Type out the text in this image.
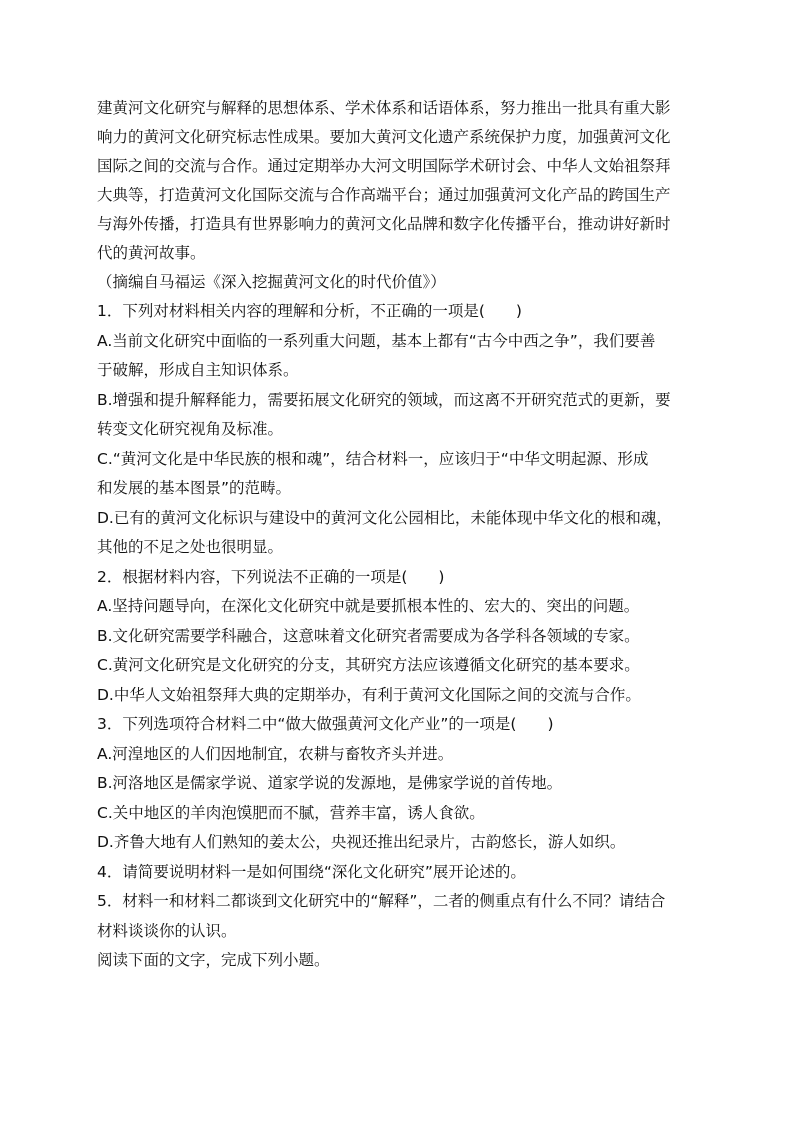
建黄河文化研究与解释的思想体系、学术体系和话语体系，努力推出一批具有重大影

响力的黄河文化研究标志性成果。要加大黄河文化遗产系统保护力度，加强黄河文化

国际之间的交流与合作。通过定期举办大河文明国际学术研讨会、中华人文始祖祭拜

大典等，打造黄河文化国际交流与合作高端平台；通过加强黄河文化产品的跨国生产

与海外传播，打造具有世界影响力的黄河文化品牌和数字化传播平台，推动讲好新时

代的黄河故事。

（摘编自马福运《深入挖掘黄河文化的时代价值》）

1．下列对材料相关内容的理解和分析，不正确的一项是(　　)

A.当前文化研究中面临的一系列重大问题，基本上都有“古今中西之争”，我们要善

于破解，形成自主知识体系。

B.增强和提升解释能力，需要拓展文化研究的领域，而这离不开研究范式的更新，要

转变文化研究视角及标准。

C.“黄河文化是中华民族的根和魂”，结合材料一，应该归于“中华文明起源、形成

和发展的基本图景”的范畴。

D.已有的黄河文化标识与建设中的黄河文化公园相比，未能体现中华文化的根和魂，

其他的不足之处也很明显。

2．根据材料内容，下列说法不正确的一项是(　　)

A.坚持问题导向，在深化文化研究中就是要抓根本性的、宏大的、突出的问题。

B.文化研究需要学科融合，这意味着文化研究者需要成为各学科各领域的专家。

C.黄河文化研究是文化研究的分支，其研究方法应该遵循文化研究的基本要求。

D.中华人文始祖祭拜大典的定期举办，有利于黄河文化国际之间的交流与合作。

3．下列选项符合材料二中“做大做强黄河文化产业”的一项是(　　)

A.河湟地区的人们因地制宜，农耕与畜牧齐头并进。

B.河洛地区是儒家学说、道家学说的发源地，是佛家学说的首传地。

C.关中地区的羊肉泡馍肥而不腻，营养丰富，诱人食欲。

D.齐鲁大地有人们熟知的姜太公，央视还推出纪录片，古韵悠长，游人如织。

4．请简要说明材料一是如何围绕“深化文化研究”展开论述的。

5．材料一和材料二都谈到文化研究中的“解释”，二者的侧重点有什么不同？请结合

材料谈谈你的认识。

阅读下面的文字，完成下列小题。
